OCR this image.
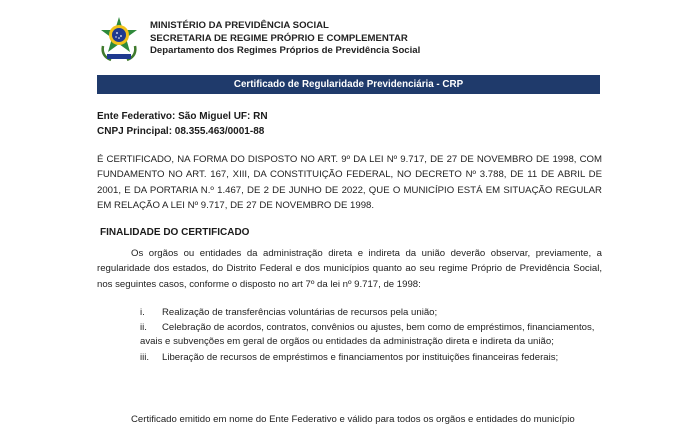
MINISTÉRIO DA PREVIDÊNCIA SOCIAL
SECRETARIA DE REGIME PRÓPRIO E COMPLEMENTAR
Departamento dos Regimes Próprios de Previdência Social
Certificado de Regularidade Previdenciária - CRP
Ente Federativo: São Miguel UF: RN
CNPJ Principal: 08.355.463/0001-88
É CERTIFICADO, NA FORMA DO DISPOSTO NO ART. 9º DA LEI Nº 9.717, DE 27 DE NOVEMBRO DE 1998, COM FUNDAMENTO NO ART. 167, XIII, DA CONSTITUIÇÃO FEDERAL, NO DECRETO Nº 3.788, DE 11 DE ABRIL DE 2001, E DA PORTARIA N.º 1.467, DE 2 DE JUNHO DE 2022, QUE O MUNICÍPIO ESTÁ EM SITUAÇÃO REGULAR EM RELAÇÃO A LEI Nº 9.717, DE 27 DE NOVEMBRO DE 1998.
FINALIDADE DO CERTIFICADO
Os orgãos ou entidades da administração direta e indireta da união deverão observar, previamente, a regularidade dos estados, do Distrito Federal e dos municípios quanto ao seu regime Próprio de Previdência Social, nos seguintes casos, conforme o disposto no art 7º da lei nº 9.717, de 1998:
i. Realização de transferências voluntárias de recursos pela união;
ii. Celebração de acordos, contratos, convênios ou ajustes, bem como de empréstimos, financiamentos, avais e subvenções em geral de orgãos ou entidades da administração direta e indireta da união;
iii. Liberação de recursos de empréstimos e financiamentos por instituições financeiras federais;
Certificado emitido em nome do Ente Federativo e válido para todos os orgãos e entidades do município
